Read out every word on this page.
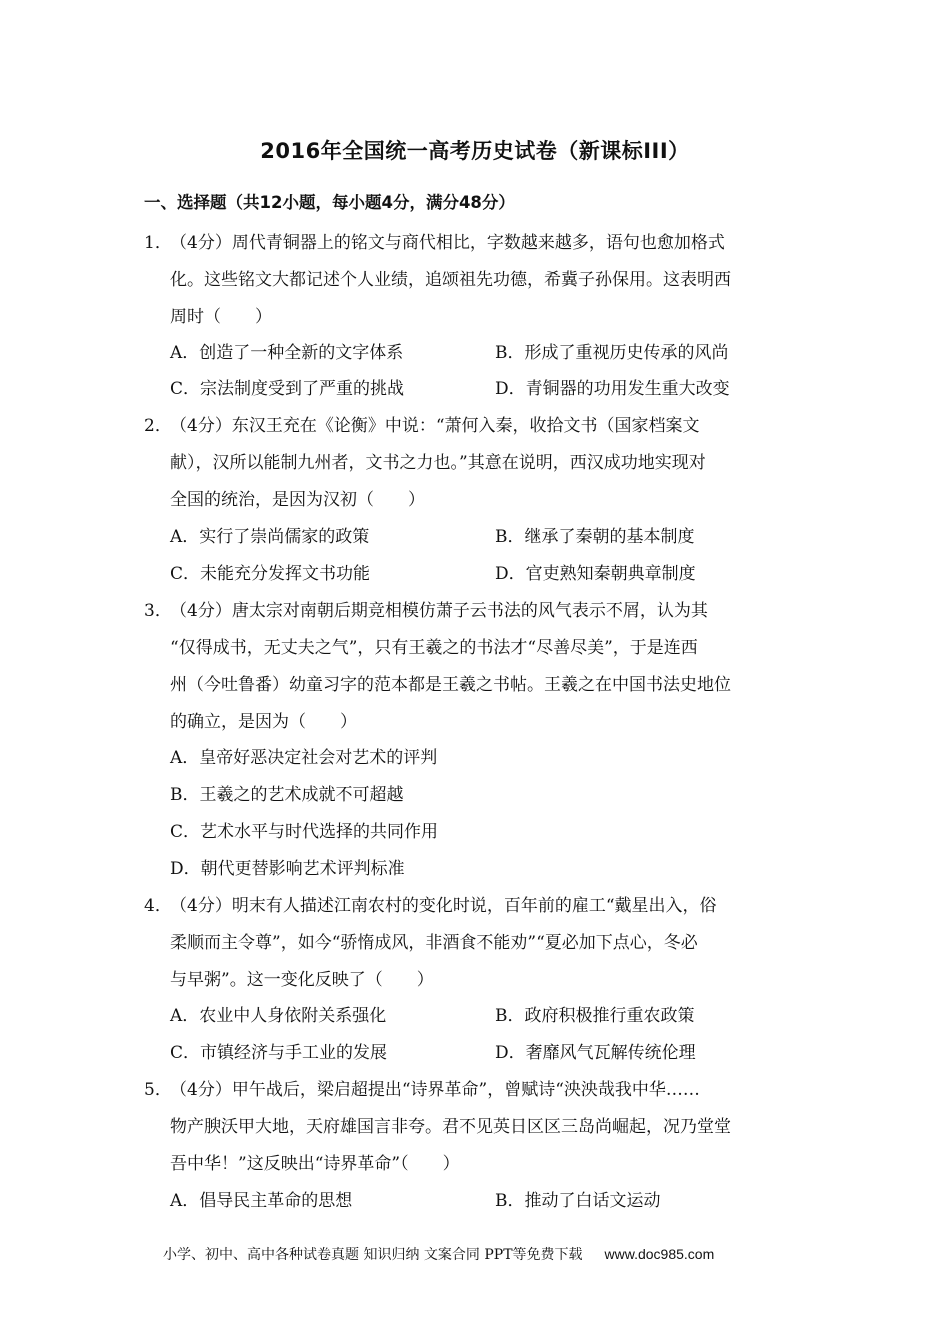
2016年全国统一高考历史试卷（新课标III）
一、选择题（共12小题，每小题4分，满分48分）
1．
（4分）周代青铜器上的铭文与商代相比，字数越来越多，语句也愈加格式
化。这些铭文大都记述个人业绩，追颂祖先功德，希冀子孙保用。这表明西
周时（　　）
A．创造了一种全新的文字体系	B．形成了重视历史传承的风尚
C．宗法制度受到了严重的挑战	D．青铜器的功用发生重大改变
2．
（4分）东汉王充在《论衡》中说：“萧何入秦，收拾文书（国家档案文
献），汉所以能制九州者，文书之力也。”其意在说明，西汉成功地实现对
全国的统治，是因为汉初（　　）
A．实行了崇尚儒家的政策	B．继承了秦朝的基本制度
C．未能充分发挥文书功能	D．官吏熟知秦朝典章制度
3．
（4分）唐太宗对南朝后期竞相模仿萧子云书法的风气表示不屑，认为其
“仅得成书，无丈夫之气”，只有王羲之的书法才“尽善尽美”，于是连西
州（今吐鲁番）幼童习字的范本都是王羲之书帖。王羲之在中国书法史地位
的确立，是因为（　　）
A．皇帝好恶决定社会对艺术的评判
B．王羲之的艺术成就不可超越
C．艺术水平与时代选择的共同作用
D．朝代更替影响艺术评判标准
4．
（4分）明末有人描述江南农村的变化时说，百年前的雇工“戴星出入，俗
柔顺而主令尊”，如今“骄惰成风，非酒食不能劝”“夏必加下点心，冬必
与早粥”。这一变化反映了（　　）
A．农业中人身依附关系强化	B．政府积极推行重农政策
C．市镇经济与手工业的发展	D．奢靡风气瓦解传统伦理
5．
（4分）甲午战后，梁启超提出“诗界革命”，曾赋诗“泱泱哉我中华……
物产腴沃甲大地，天府雄国言非夸。君不见英日区区三岛尚崛起，况乃堂堂
吾中华！”这反映出“诗界革命”（　　）
A．倡导民主革命的思想	B．推动了白话文运动
小学、初中、高中各种试卷真题 知识归纳 文案合同 PPT等免费下载 www.doc985.com
